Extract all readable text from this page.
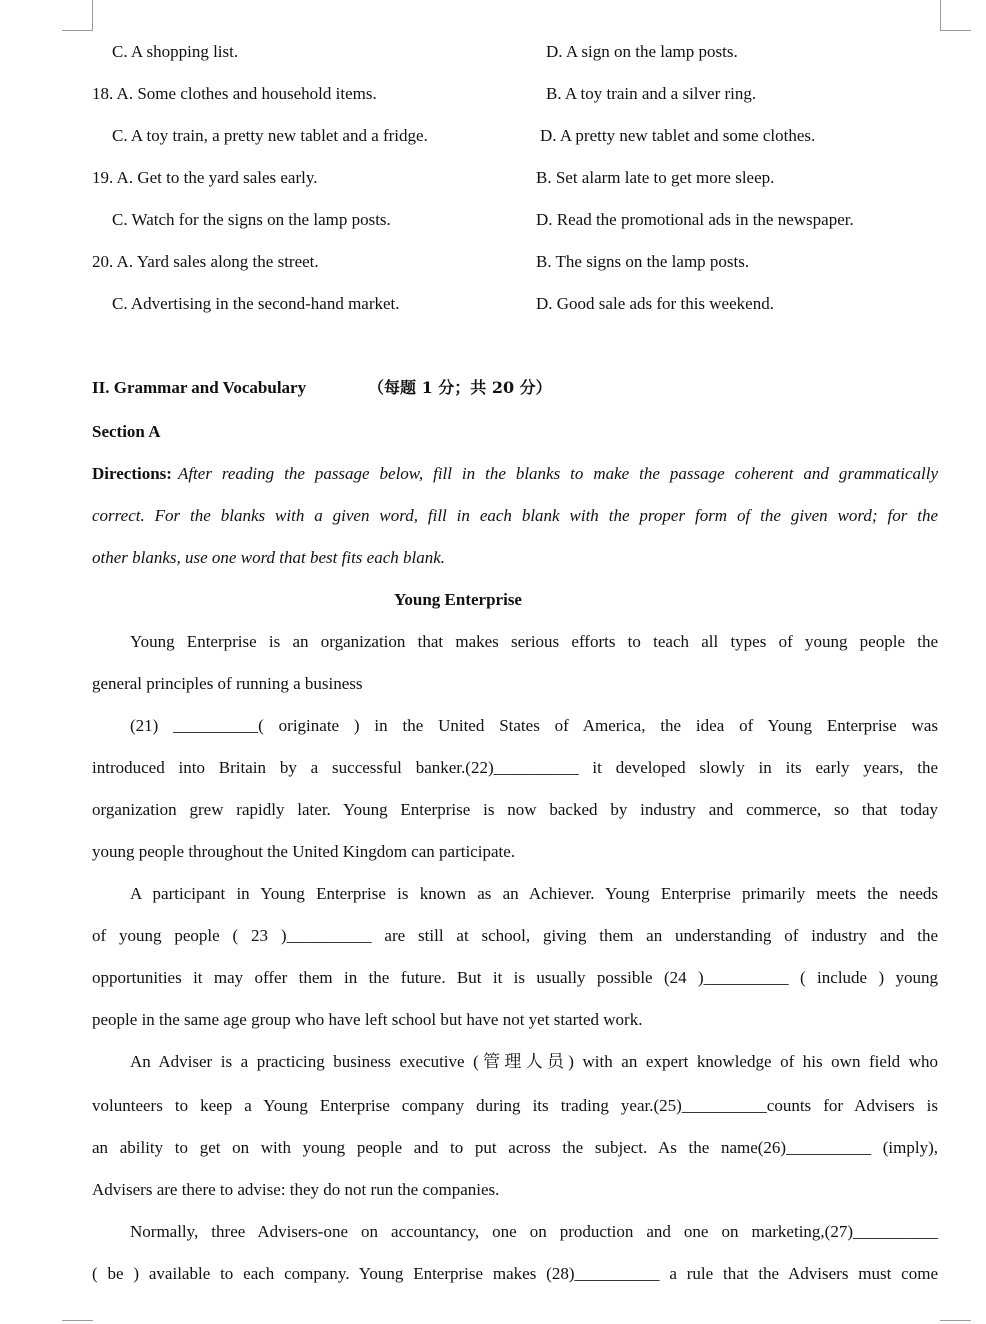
C. A shopping list.	D. A sign on the lamp posts.
18. A. Some clothes and household items.	B. A toy train and a silver ring.
C. A toy train, a pretty new tablet and a fridge.	D. A pretty new tablet and some clothes.
19. A. Get to the yard sales early.	B. Set alarm late to get more sleep.
C. Watch for the signs on the lamp posts.	D. Read the promotional ads in the newspaper.
20. A. Yard sales along the street.	B. The signs on the lamp posts.
C. Advertising in the second-hand market.	D. Good sale ads for this weekend.
II. Grammar and Vocabulary	（每题 1 分；共 20 分）
Section A
Directions: After reading the passage below, fill in the blanks to make the passage coherent and grammatically
correct. For the blanks with a given word, fill in each blank with the proper form of the given word; for the
other blanks, use one word that best fits each blank.
Young Enterprise
Young Enterprise is an organization that makes serious efforts to teach all types of young people the
general principles of running a business
(21) __________( originate ) in the United States of America, the idea of Young Enterprise was
introduced into Britain by a successful banker.(22)__________ it developed slowly in its early years, the
organization grew rapidly later. Young Enterprise is now backed by industry and commerce, so that today
young people throughout the United Kingdom can participate.
A participant in Young Enterprise is known as an Achiever. Young Enterprise primarily meets the needs
of young people ( 23 )__________ are still at school, giving them an understanding of industry and the
opportunities it may offer them in the future. But it is usually possible (24 )__________ ( include ) young
people in the same age group who have left school but have not yet started work.
An Adviser is a practicing business executive (管理人员) with an expert knowledge of his own field who
volunteers to keep a Young Enterprise company during its trading year.(25)__________counts for Advisers is
an ability to get on with young people and to put across the subject. As the name(26)__________ (imply),
Advisers are there to advise: they do not run the companies.
Normally, three Advisers-one on accountancy, one on production and one on marketing,(27)__________
( be ) available to each company. Young Enterprise makes (28)__________ a rule that the Advisers must come
